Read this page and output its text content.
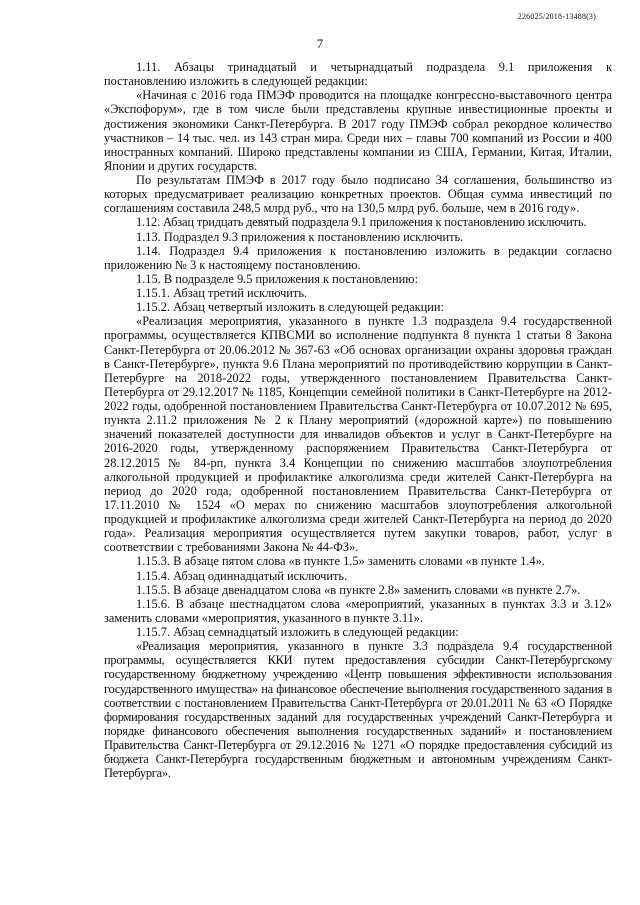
226025/2018-13488(3)
7

1.11. Абзацы тринадцатый и четырнадцатый подраздела 9.1 приложения к постановлению изложить в следующей редакции:

«Начиная с 2016 года ПМЭФ проводится на площадке конгрессно-выставочного центра «Экспофорум», где в том числе были представлены крупные инвестиционные проекты и достижения экономики Санкт-Петербурга. В 2017 году ПМЭФ собрал рекордное количество участников – 14 тыс. чел. из 143 стран мира. Среди них – главы 700 компаний из России и 400 иностранных компаний. Широко представлены компании из США, Германии, Китая, Италии, Японии и других государств.

По результатам ПМЭФ в 2017 году было подписано 34 соглашения, большинство из которых предусматривает реализацию конкретных проектов. Общая сумма инвестиций по соглашениям составила 248,5 млрд руб., что на 130,5 млрд руб. больше, чем в 2016 году».

1.12. Абзац тридцать девятый подраздела 9.1 приложения к постановлению исключить.

1.13. Подраздел 9.3 приложения к постановлению исключить.

1.14. Подраздел 9.4 приложения к постановлению изложить в редакции согласно приложению № 3 к настоящему постановлению.

1.15. В подразделе 9.5 приложения к постановлению:

1.15.1. Абзац третий исключить.

1.15.2. Абзац четвертый изложить в следующей редакции:

«Реализация мероприятия, указанного в пункте 1.3 подраздела 9.4 государственной программы, осуществляется КПВСМИ во исполнение подпункта 8 пункта 1 статьи 8 Закона Санкт-Петербурга от 20.06.2012 № 367-63 «Об основах организации охраны здоровья граждан в Санкт-Петербурге», пункта 9.6 Плана мероприятий по противодействию коррупции в Санкт-Петербурге на 2018-2022 годы, утвержденного постановлением Правительства Санкт-Петербурга от 29.12.2017 № 1185, Концепции семейной политики в Санкт-Петербурге на 2012-2022 годы, одобренной постановлением Правительства Санкт-Петербурга от 10.07.2012 № 695, пункта 2.11.2 приложения № 2 к Плану мероприятий («дорожной карте») по повышению значений показателей доступности для инвалидов объектов и услуг в Санкт-Петербурге на 2016-2020 годы, утвержденному распоряжением Правительства Санкт-Петербурга от 28.12.2015 № 84-рп, пункта 3.4 Концепции по снижению масштабов злоупотребления алкогольной продукцией и профилактике алкоголизма среди жителей Санкт-Петербурга на период до 2020 года, одобренной постановлением Правительства Санкт-Петербурга от 17.11.2010 № 1524 «О мерах по снижению масштабов злоупотребления алкогольной продукцией и профилактике алкоголизма среди жителей Санкт-Петербурга на период до 2020 года». Реализация мероприятия осуществляется путем закупки товаров, работ, услуг в соответствии с требованиями Закона № 44-ФЗ».

1.15.3. В абзаце пятом слова «в пункте 1.5» заменить словами «в пункте 1.4».

1.15.4. Абзац одиннадцатый исключить.

1.15.5. В абзаце двенадцатом слова «в пункте 2.8» заменить словами «в пункте 2.7».

1.15.6. В абзаце шестнадцатом слова «мероприятий, указанных в пунктах 3.3 и 3.12» заменить словами «мероприятия, указанного в пункте 3.11».

1.15.7. Абзац семнадцатый изложить в следующей редакции:

«Реализация мероприятия, указанного в пункте 3.3 подраздела 9.4 государственной программы, осуществляется ККИ путем предоставления субсидии Санкт-Петербургскому государственному бюджетному учреждению «Центр повышения эффективности использования государственного имущества» на финансовое обеспечение выполнения государственного задания в соответствии с постановлением Правительства Санкт-Петербурга от 20.01.2011 № 63 «О Порядке формирования государственных заданий для государственных учреждений Санкт-Петербурга и порядке финансового обеспечения выполнения государственных заданий» и постановлением Правительства Санкт-Петербурга от 29.12.2016 № 1271 «О порядке предоставления субсидий из бюджета Санкт-Петербурга государственным бюджетным и автономным учреждениям Санкт-Петербурга».
